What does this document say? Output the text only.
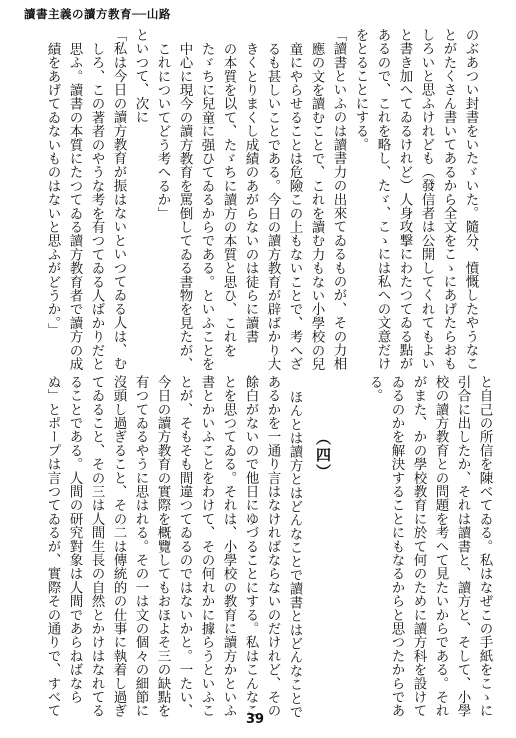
讀書主義の讀方教育──山路
のぶあつい封書をいたゞいた。隨分、憤慨したやうなこ
とがたくさん書いてあるから全文をこゝにあげたらおも
しろいと思ふけれども（發信者は公開してくれてもよい
と書き加へてゐるけれど）人身攻撃にわたつてゐる點が
あるので、これを略し、たゞ、こゝには私への文意だけ
をとることにする。
「讀書といふのは讀書力の出來てゐるものが、その力相
應の文を讀むことで、これを讀む力もない小學校の兒
童にやらせることは危險この上もないことで、考へざ
るも甚しいことである。今日の讀方教育が辟ばかり大
きくとりまくし成績のあがらないのは徒らに讀書
の本質を以て、たゞちに讀方の本質と思ひ、これを
たゞちに兒童に强ひてゐるからである。といふことを
中心に現今の讀方教育を罵倒してゐる書物を見たが、
これについてどう考へるか」
といつて、次に
「私は今日の讀方教育が振はないといつてゐる人は、む
しろ、この著者のやうな考を有つてゐる人ばかりだと
思ふ。讀書の本質にたつてゐる讀方教育者で讀方の成
績をあげてゐないものはないと思ふがどうか。」
と自己の所信を陳べてゐる。私はなぜこの手紙をこゝに
引合に出したか、それは讀書と、讀方と、そして、小學
校の讀方教育との問題を考へて見たいからである。それ
がまた、かの學校教育に於て何のために讀方科を設けて
ゐるのかを解決することにもなるからと思つたからであ
る。
ほんとは讀方とはどんなことで讀書とはどんなことで
あるかを一通り言はなければならないのだけれど、その
餘白がないので他日にゆづることにする。私はこんなこ
とを思つてゐる。それは、小學校の教育に讀方かといふ
書とかいふことをわけて、その何れかに據らうといふこ
とが、そもそも間違つてゐるのではないかと。一たい、
今日の讀方教育の實際を概覽してもおほよそ三の缺點を
有つてゐるやうに思はれる。その一は文の個々の細節に
沒頭し過ぎること、その二は傳統的の仕事に執着し過ぎ
てゐること、その三は人間生長の自然とかけはなれてる
ることである。人間の研究對象は人間であらねばなら
ぬ」とポープは言つてゐるが、實際その通りで、すべて	（四）
39
